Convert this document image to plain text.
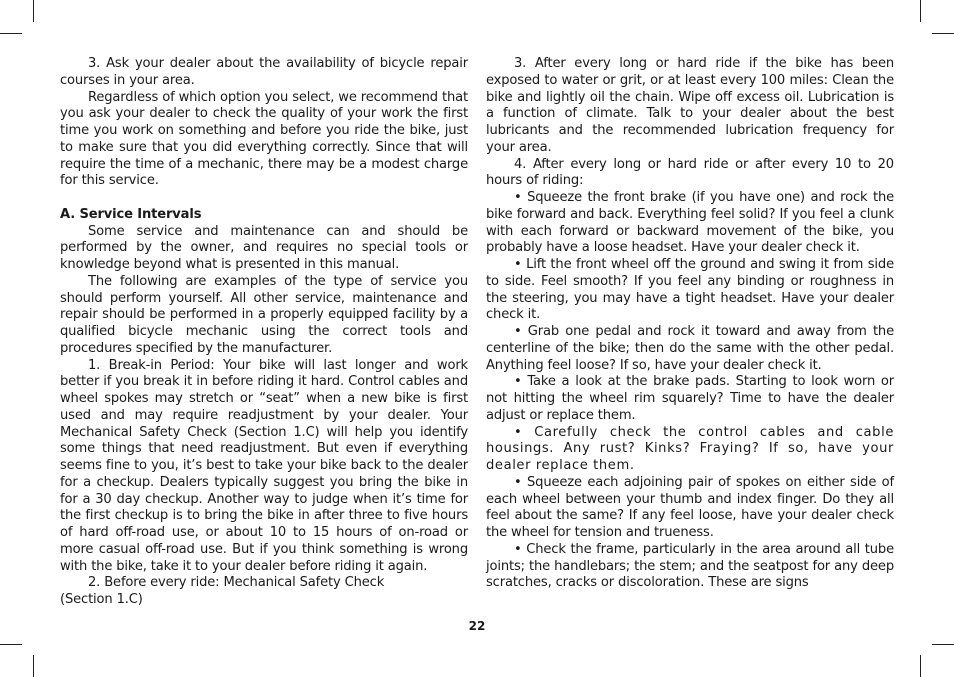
3. Ask your dealer about the availability of bicycle repair courses in your area.

Regardless of which option you select, we recommend that you ask your dealer to check the quality of your work the first time you work on something and before you ride the bike, just to make sure that you did everything correctly. Since that will require the time of a mechanic, there may be a modest charge for this service.

A. Service Intervals

Some service and maintenance can and should be performed by the owner, and requires no special tools or knowledge beyond what is presented in this manual.

The following are examples of the type of service you should perform yourself. All other service, maintenance and repair should be performed in a properly equipped facility by a qualified bicycle mechanic using the correct tools and procedures specified by the manufacturer.

1. Break-in Period: Your bike will last longer and work better if you break it in before riding it hard. Control cables and wheel spokes may stretch or “seat” when a new bike is first used and may require readjustment by your dealer. Your Mechanical Safety Check (Section 1.C) will help you identify some things that need readjustment. But even if everything seems fine to you, it’s best to take your bike back to the dealer for a checkup. Dealers typically suggest you bring the bike in for a 30 day checkup. Another way to judge when it’s time for the first checkup is to bring the bike in after three to five hours of hard off-road use, or about 10 to 15 hours of on-road or more casual off-road use. But if you think something is wrong with the bike, take it to your dealer before riding it again.

2. Before every ride: Mechanical Safety Check

(Section 1.C)

3. After every long or hard ride if the bike has been exposed to water or grit, or at least every 100 miles: Clean the bike and lightly oil the chain. Wipe off excess oil. Lubrication is a function of climate. Talk to your dealer about the best lubricants and the recommended lubrication frequency for your area.

4. After every long or hard ride or after every 10 to 20 hours of riding:

• Squeeze the front brake (if you have one) and rock the bike forward and back. Everything feel solid? If you feel a clunk with each forward or backward movement of the bike, you probably have a loose headset. Have your dealer check it.

• Lift the front wheel off the ground and swing it from side to side. Feel smooth? If you feel any binding or roughness in the steering, you may have a tight headset. Have your dealer check it.

• Grab one pedal and rock it toward and away from the centerline of the bike; then do the same with the other pedal. Anything feel loose? If so, have your dealer check it.

• Take a look at the brake pads. Starting to look worn or not hitting the wheel rim squarely? Time to have the dealer adjust or replace them.

• Carefully check the control cables and cable housings. Any rust? Kinks? Fraying? If so, have your dealer replace them.

• Squeeze each adjoining pair of spokes on either side of each wheel between your thumb and index finger. Do they all feel about the same? If any feel loose, have your dealer check the wheel for tension and trueness.

• Check the frame, particularly in the area around all tube joints; the handlebars; the stem; and the seatpost for any deep scratches, cracks or discoloration. These are signs

22
